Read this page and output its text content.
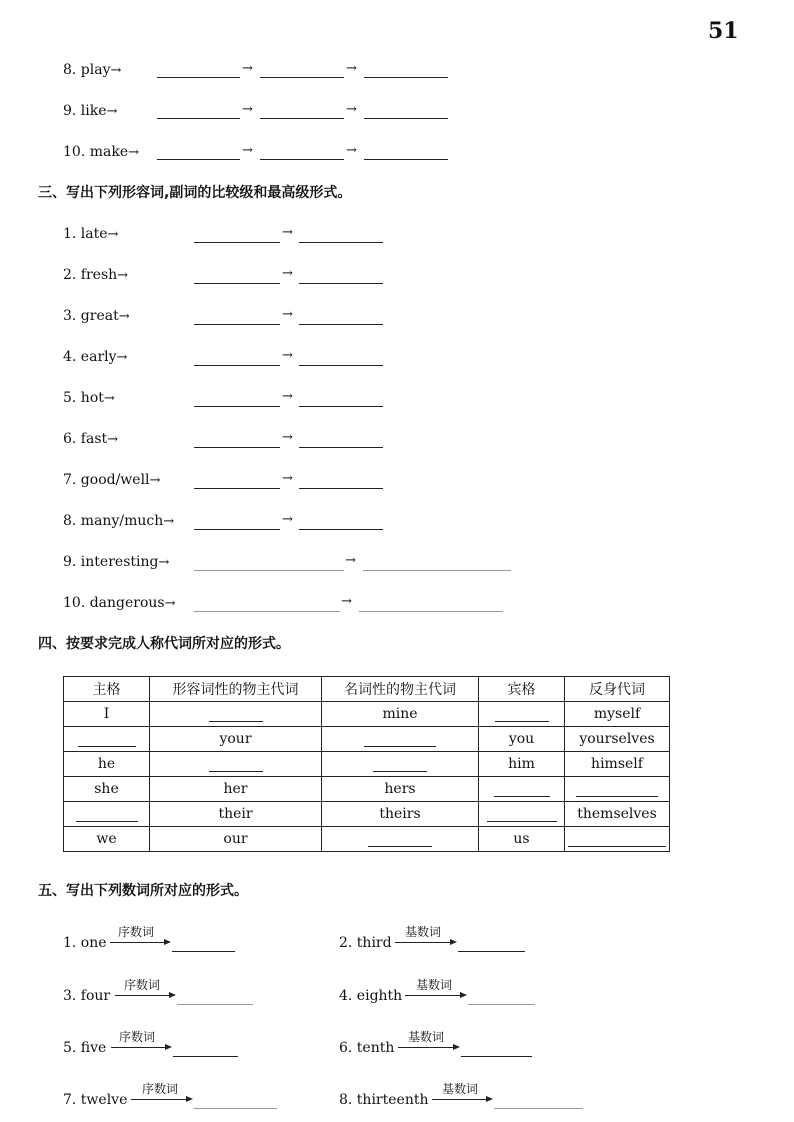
51
8. play→	→	→
9. like→	→	→
10. make→	→	→
三、写出下列形容词,副词的比较级和最高级形式。
1. late→	→
2. fresh→	→
3. great→	→
4. early→	→
5. hot→	→
6. fast→	→
7. good/well→	→
8. many/much→	→
9. interesting→	→
10. dangerous→	→
四、按要求完成人称代词所对应的形式。
主格	形容词性的物主代词	名词性的物主代词	宾格	反身代词
I		mine		myself
	your		you	yourselves
he			him	himself
she	her	hers		
	their	theirs		themselves
we	our		us	
五、写出下列数词所对应的形式。
1. one
序数词
2. third
基数词
3. four
序数词
4. eighth
基数词
5. five
序数词
6. tenth
基数词
7. twelve
序数词
8. thirteenth
基数词
